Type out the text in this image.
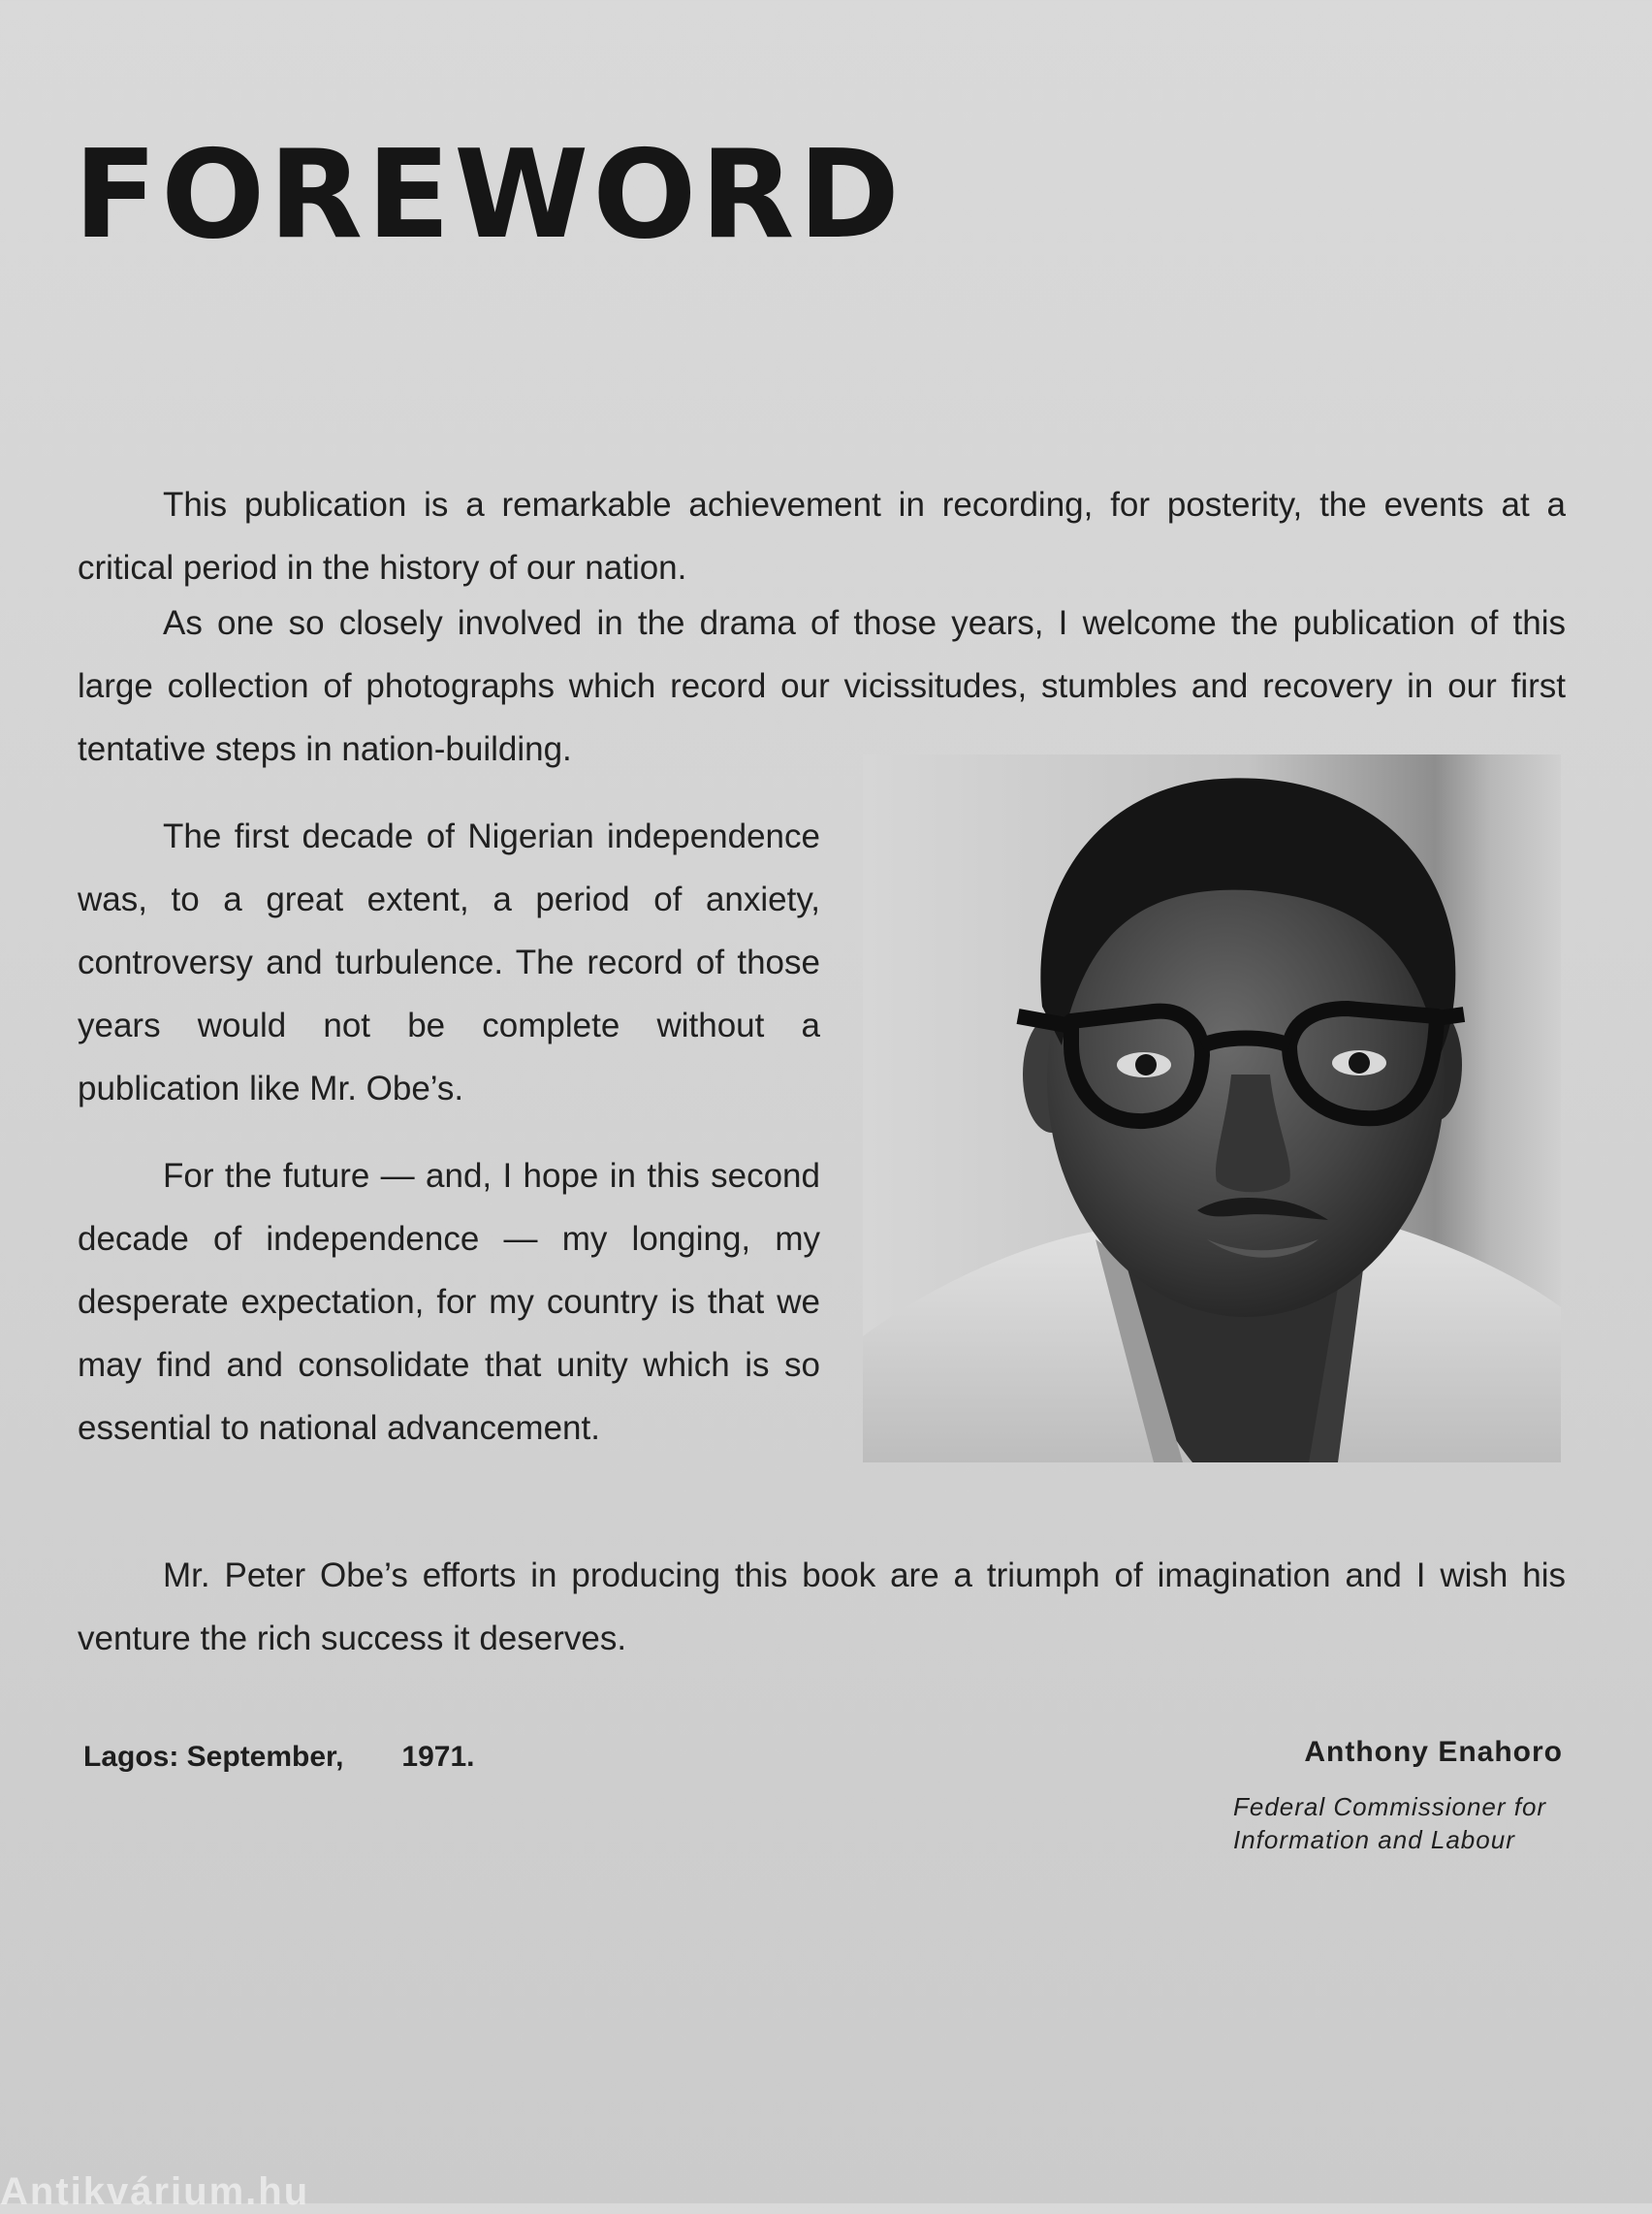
FOREWORD

This publication is a remarkable achievement in recording, for posterity, the events at a critical period in the history of our nation.

As one so closely involved in the drama of those years, I welcome the publication of this large collection of photographs which record our vicissitudes, stumbles and recovery in our first tentative steps in nation-building.

The first decade of Nigerian independence was, to a great extent, a period of anxiety, controversy and turbulence. The record of those years would not be complete without a publication like Mr. Obe’s.

For the future — and, I hope in this second decade of independence — my longing, my desperate expectation, for my country is that we may find and consolidate that unity which is so essential to national advancement.

Mr. Peter Obe’s efforts in producing this book are a triumph of imagination and I wish his venture the rich success it deserves.

Lagos: September, 1971.	Anthony Enahoro

Federal Commissioner for
Information and Labour

Antikvárium.hu
